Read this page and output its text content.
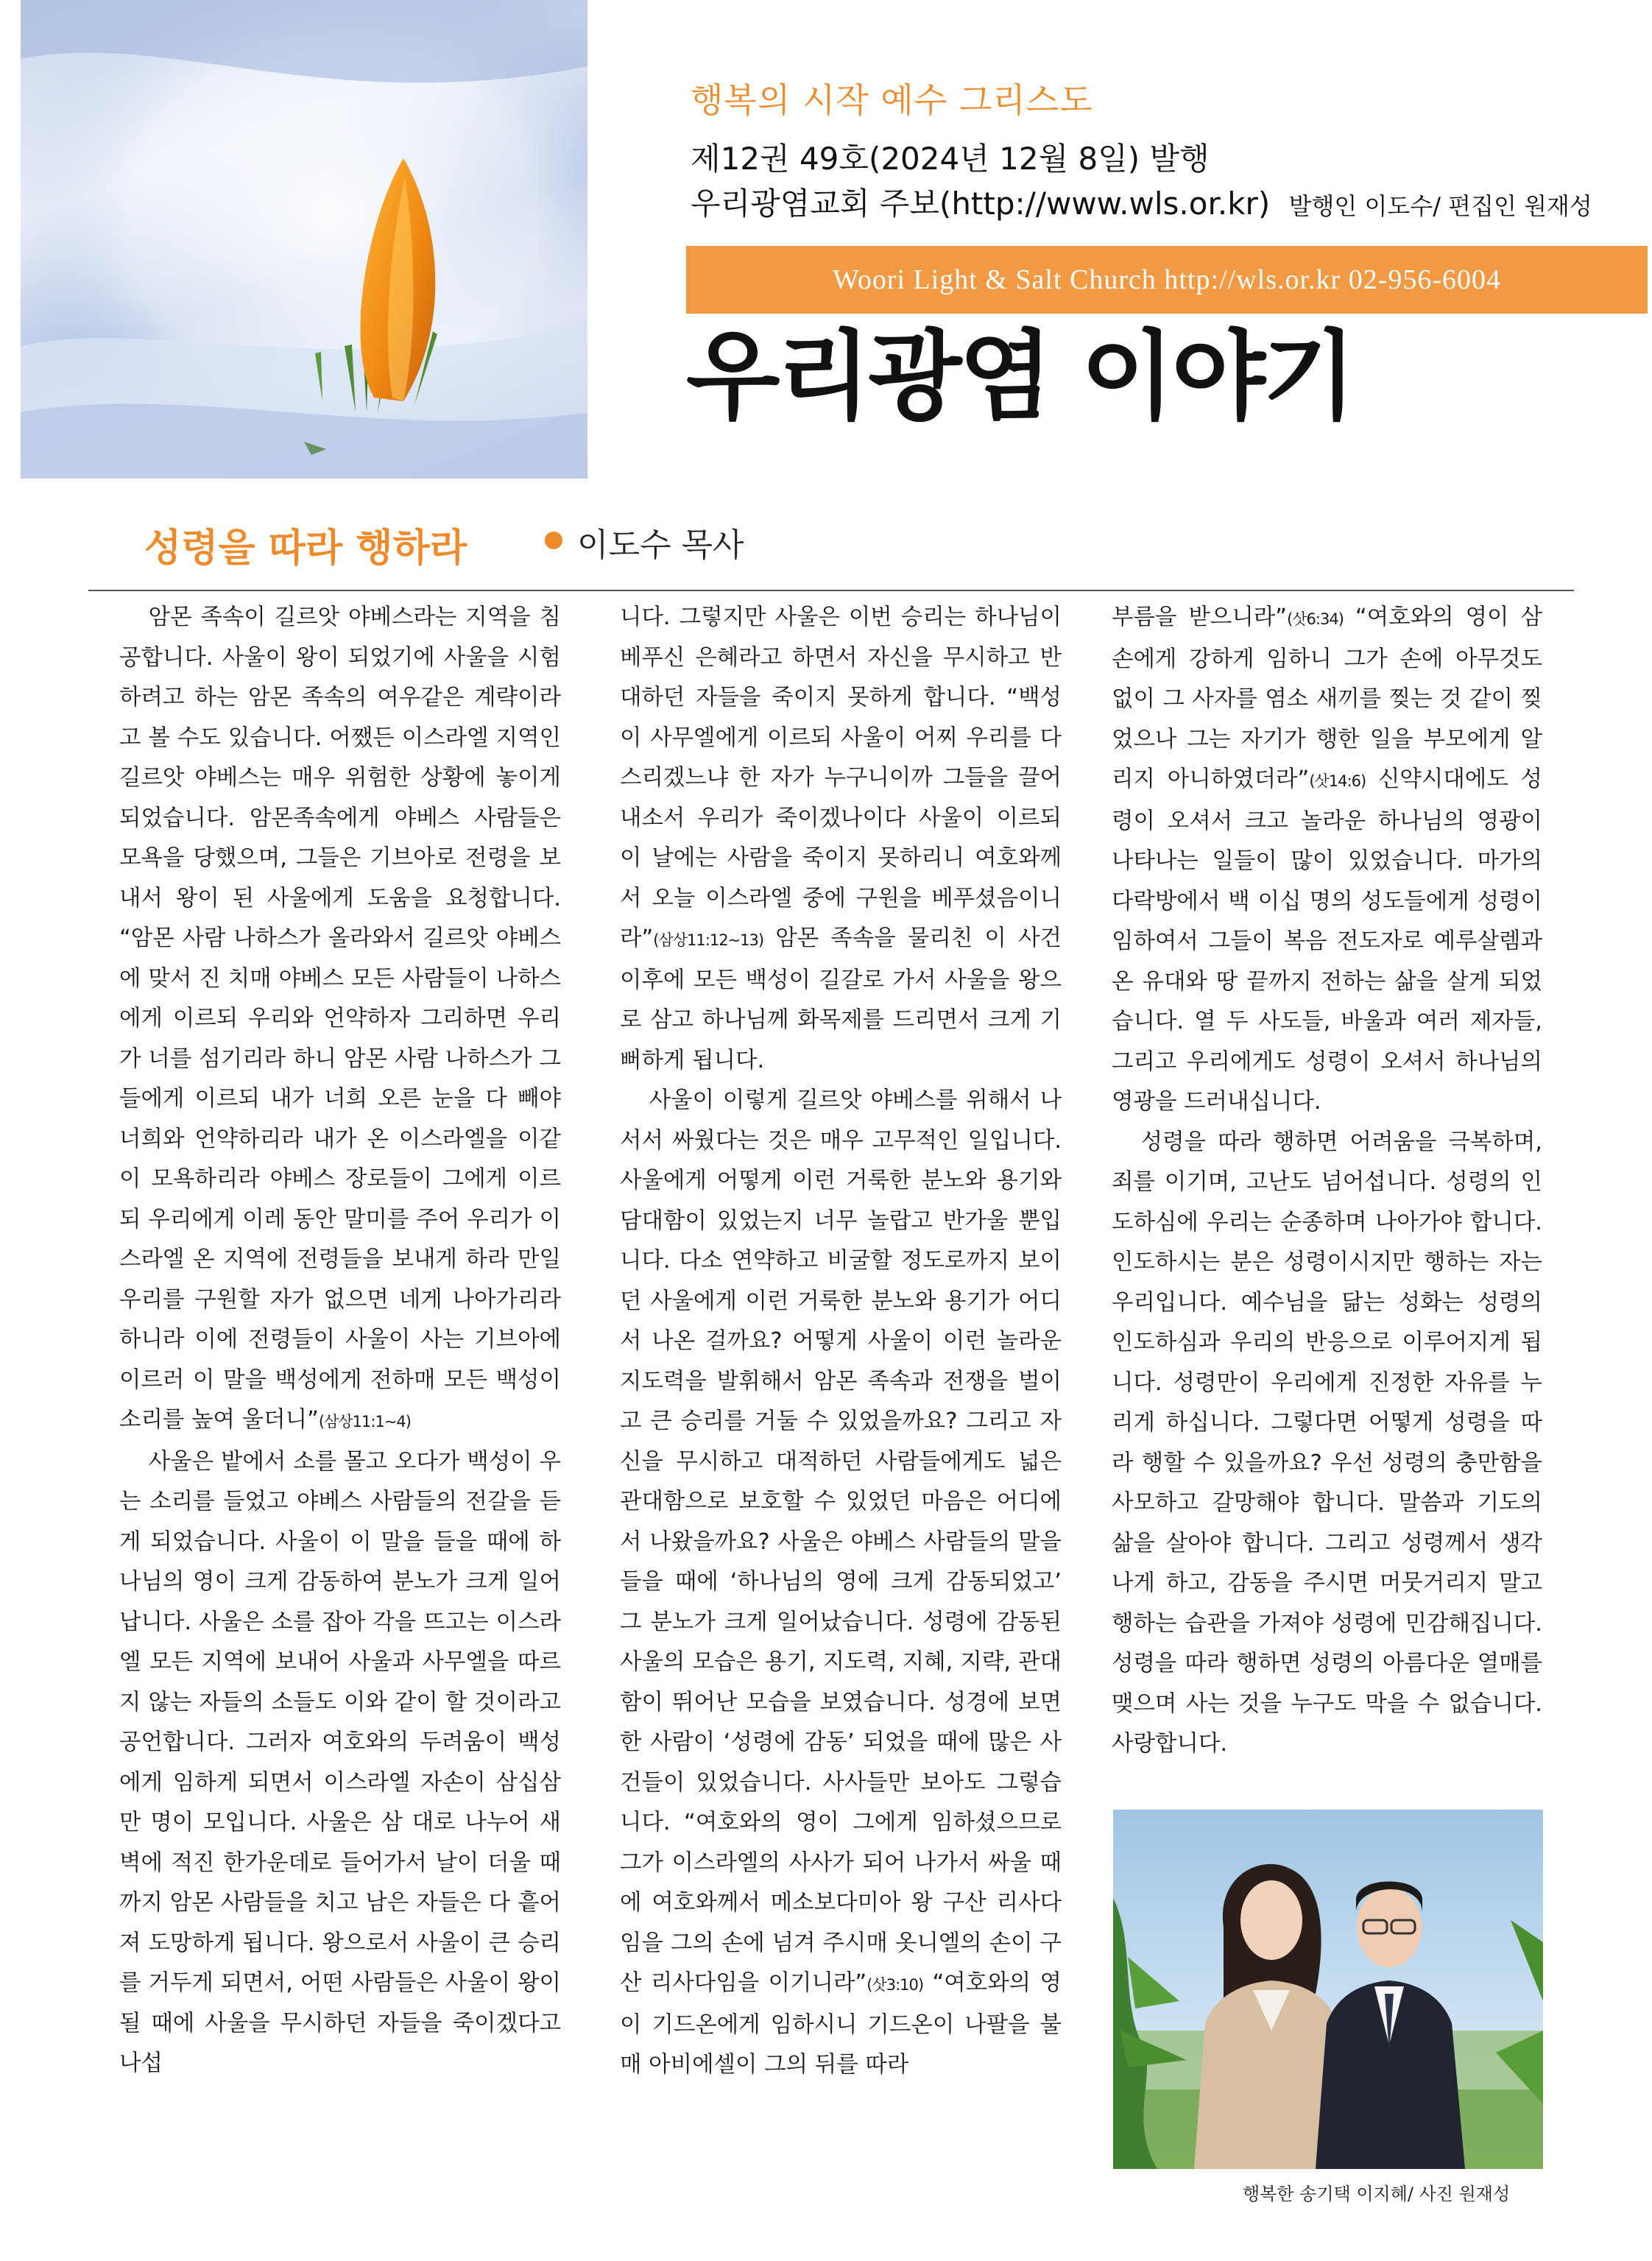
행복의 시작 예수 그리스도
제12권 49호(2024년 12월 8일) 발행
우리광염교회 주보(http://www.wls.or.kr) 발행인 이도수/ 편집인 원재성
Woori Light & Salt Church http://wls.or.kr 02-956-6004
우리광염 이야기
성령을 따라 행하라	이도수 목사

암몬 족속이 길르앗 야베스라는 지역을 침공합니다. 사울이 왕이 되었기에 사울을 시험하려고 하는 암몬 족속의 여우같은 계략이라고 볼 수도 있습니다. 어쨌든 이스라엘 지역인 길르앗 야베스는 매우 위험한 상황에 놓이게 되었습니다. 암몬족속에게 야베스 사람들은 모욕을 당했으며, 그들은 기브아로 전령을 보내서 왕이 된 사울에게 도움을 요청합니다. “암몬 사람 나하스가 올라와서 길르앗 야베스에 맞서 진 치매 야베스 모든 사람들이 나하스에게 이르되 우리와 언약하자 그리하면 우리가 너를 섬기리라 하니 암몬 사람 나하스가 그들에게 이르되 내가 너희 오른 눈을 다 빼야 너희와 언약하리라 내가 온 이스라엘을 이같이 모욕하리라 야베스 장로들이 그에게 이르되 우리에게 이레 동안 말미를 주어 우리가 이스라엘 온 지역에 전령들을 보내게 하라 만일 우리를 구원할 자가 없으면 네게 나아가리라 하니라 이에 전령들이 사울이 사는 기브아에 이르러 이 말을 백성에게 전하매 모든 백성이 소리를 높여 울더니”(삼상11:1~4)

사울은 밭에서 소를 몰고 오다가 백성이 우는 소리를 들었고 야베스 사람들의 전갈을 듣게 되었습니다. 사울이 이 말을 들을 때에 하나님의 영이 크게 감동하여 분노가 크게 일어납니다. 사울은 소를 잡아 각을 뜨고는 이스라엘 모든 지역에 보내어 사울과 사무엘을 따르지 않는 자들의 소들도 이와 같이 할 것이라고 공언합니다. 그러자 여호와의 두려움이 백성에게 임하게 되면서 이스라엘 자손이 삼십삼만 명이 모입니다. 사울은 삼 대로 나누어 새벽에 적진 한가운데로 들어가서 날이 더울 때까지 암몬 사람들을 치고 남은 자들은 다 흩어져 도망하게 됩니다. 왕으로서 사울이 큰 승리를 거두게 되면서, 어떤 사람들은 사울이 왕이 될 때에 사울을 무시하던 자들을 죽이겠다고 나섭

니다. 그렇지만 사울은 이번 승리는 하나님이 베푸신 은혜라고 하면서 자신을 무시하고 반대하던 자들을 죽이지 못하게 합니다. “백성이 사무엘에게 이르되 사울이 어찌 우리를 다스리겠느냐 한 자가 누구니이까 그들을 끌어내소서 우리가 죽이겠나이다 사울이 이르되 이 날에는 사람을 죽이지 못하리니 여호와께서 오늘 이스라엘 중에 구원을 베푸셨음이니라”(삼상11:12~13) 암몬 족속을 물리친 이 사건 이후에 모든 백성이 길갈로 가서 사울을 왕으로 삼고 하나님께 화목제를 드리면서 크게 기뻐하게 됩니다.

사울이 이렇게 길르앗 야베스를 위해서 나서서 싸웠다는 것은 매우 고무적인 일입니다. 사울에게 어떻게 이런 거룩한 분노와 용기와 담대함이 있었는지 너무 놀랍고 반가울 뿐입니다. 다소 연약하고 비굴할 정도로까지 보이던 사울에게 이런 거룩한 분노와 용기가 어디서 나온 걸까요? 어떻게 사울이 이런 놀라운 지도력을 발휘해서 암몬 족속과 전쟁을 벌이고 큰 승리를 거둘 수 있었을까요? 그리고 자신을 무시하고 대적하던 사람들에게도 넓은 관대함으로 보호할 수 있었던 마음은 어디에서 나왔을까요? 사울은 야베스 사람들의 말을 들을 때에 ‘하나님의 영에 크게 감동되었고’ 그 분노가 크게 일어났습니다. 성령에 감동된 사울의 모습은 용기, 지도력, 지혜, 지략, 관대함이 뛰어난 모습을 보였습니다. 성경에 보면 한 사람이 ‘성령에 감동’ 되었을 때에 많은 사건들이 있었습니다. 사사들만 보아도 그렇습니다. “여호와의 영이 그에게 임하셨으므로 그가 이스라엘의 사사가 되어 나가서 싸울 때에 여호와께서 메소보다미아 왕 구산 리사다임을 그의 손에 넘겨 주시매 옷니엘의 손이 구산 리사다임을 이기니라”(삿3:10) “여호와의 영이 기드온에게 임하시니 기드온이 나팔을 불매 아비에셀이 그의 뒤를 따라

부름을 받으니라”(삿6:34) “여호와의 영이 삼손에게 강하게 임하니 그가 손에 아무것도 없이 그 사자를 염소 새끼를 찢는 것 같이 찢었으나 그는 자기가 행한 일을 부모에게 알리지 아니하였더라”(삿14:6) 신약시대에도 성령이 오셔서 크고 놀라운 하나님의 영광이 나타나는 일들이 많이 있었습니다. 마가의 다락방에서 백 이십 명의 성도들에게 성령이 임하여서 그들이 복음 전도자로 예루살렘과 온 유대와 땅 끝까지 전하는 삶을 살게 되었습니다. 열 두 사도들, 바울과 여러 제자들, 그리고 우리에게도 성령이 오셔서 하나님의 영광을 드러내십니다.

성령을 따라 행하면 어려움을 극복하며, 죄를 이기며, 고난도 넘어섭니다. 성령의 인도하심에 우리는 순종하며 나아가야 합니다. 인도하시는 분은 성령이시지만 행하는 자는 우리입니다. 예수님을 닮는 성화는 성령의 인도하심과 우리의 반응으로 이루어지게 됩니다. 성령만이 우리에게 진정한 자유를 누리게 하십니다. 그렇다면 어떻게 성령을 따라 행할 수 있을까요? 우선 성령의 충만함을 사모하고 갈망해야 합니다. 말씀과 기도의 삶을 살아야 합니다. 그리고 성령께서 생각나게 하고, 감동을 주시면 머뭇거리지 말고 행하는 습관을 가져야 성령에 민감해집니다. 성령을 따라 행하면 성령의 아름다운 열매를 맺으며 사는 것을 누구도 막을 수 없습니다. 사랑합니다.

행복한 송기택 이지혜/ 사진 원재성
